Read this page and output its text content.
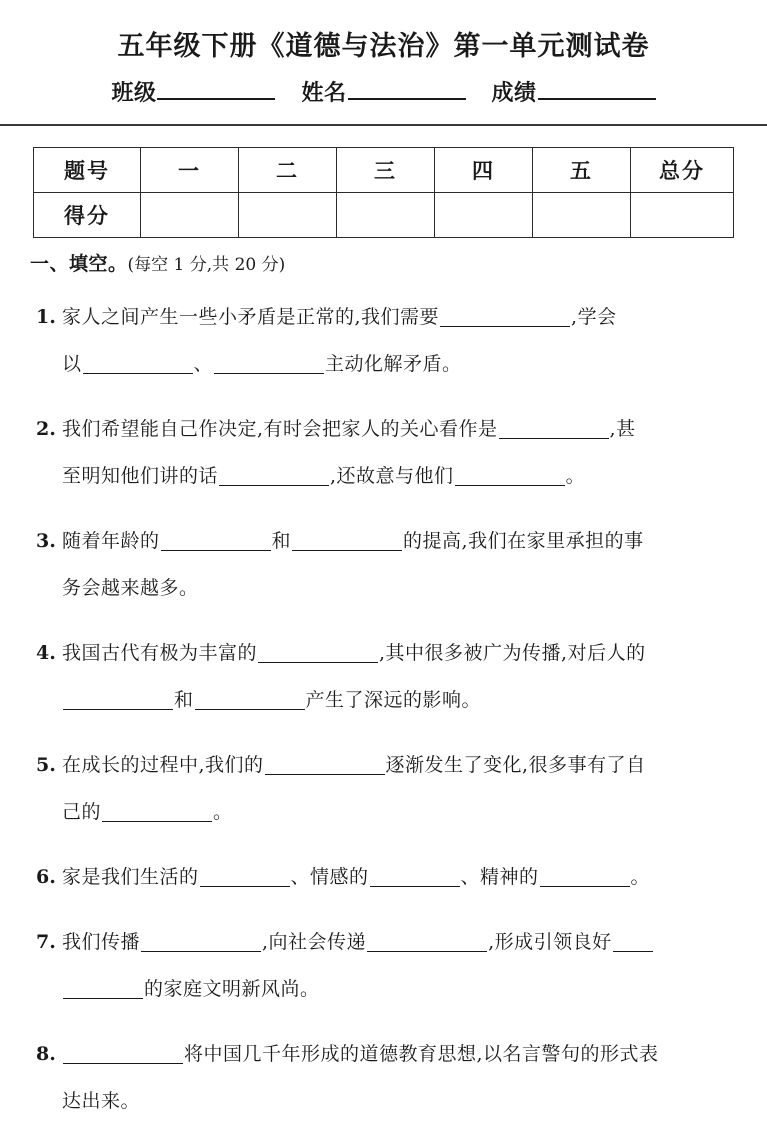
五年级下册《道德与法治》第一单元测试卷
班级	姓名	成绩
题号	一	二	三	四	五	总分
得分						
一、填空。(每空 1 分,共 20 分)
1. 家人之间产生一些小矛盾是正常的,我们需要	,学会
以	、	主动化解矛盾。
2. 我们希望能自己作决定,有时会把家人的关心看作是	,甚
至明知他们讲的话	,还故意与他们	。
3. 随着年龄的	和	的提高,我们在家里承担的事
务会越来越多。
4. 我国古代有极为丰富的	,其中很多被广为传播,对后人的
和	产生了深远的影响。
5. 在成长的过程中,我们的	逐渐发生了变化,很多事有了自
己的	。
6. 家是我们生活的	、情感的	、精神的	。
7. 我们传播	,向社会传递	,形成引领良好
的家庭文明新风尚。
8.	将中国几千年形成的道德教育思想,以名言警句的形式表
达出来。
